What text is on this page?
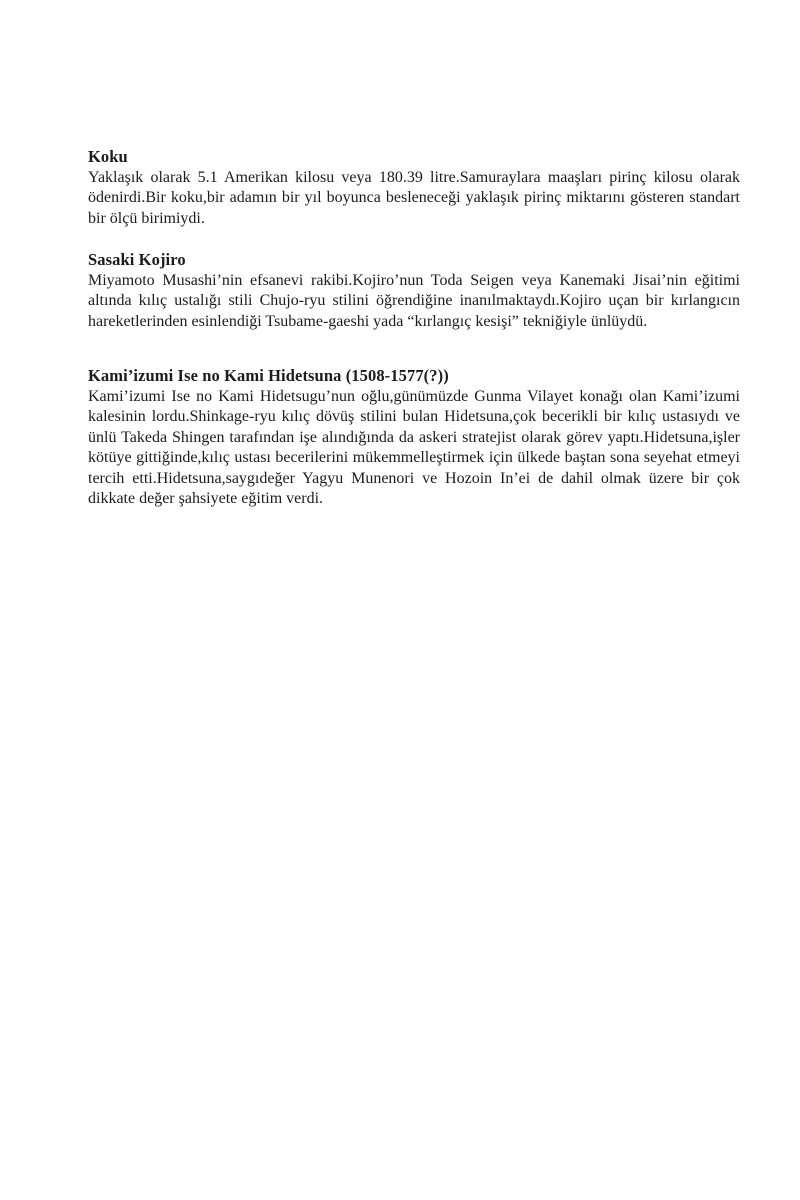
Koku

Yaklaşık olarak 5.1 Amerikan kilosu veya 180.39 litre.Samuraylara maaşları pirinç kilosu olarak ödenirdi.Bir koku,bir adamın bir yıl boyunca besleneceği yaklaşık pirinç miktarını gösteren standart bir ölçü birimiydi.

Sasaki Kojiro

Miyamoto Musashi’nin efsanevi rakibi.Kojiro’nun Toda Seigen veya Kanemaki Jisai’nin eğitimi altında kılıç ustalığı stili Chujo-ryu stilini öğrendiğine inanılmaktaydı.Kojiro uçan bir kırlangıcın hareketlerinden esinlendiği Tsubame-gaeshi yada “kırlangıç kesişi” tekniğiyle ünlüydü.

Kami’izumi Ise no Kami Hidetsuna (1508-1577(?))

Kami’izumi Ise no Kami Hidetsugu’nun oğlu,günümüzde Gunma Vilayet konağı olan Kami’izumi kalesinin lordu.Shinkage-ryu kılıç dövüş stilini bulan Hidetsuna,çok becerikli bir kılıç ustasıydı ve ünlü Takeda Shingen tarafından işe alındığında da askeri stratejist olarak görev yaptı.Hidetsuna,işler kötüye gittiğinde,kılıç ustası becerilerini mükemmelleştirmek için ülkede baştan sona seyehat etmeyi tercih etti.Hidetsuna,saygıdeğer Yagyu Munenori ve Hozoin In’ei de dahil olmak üzere bir çok dikkate değer şahsiyete eğitim verdi.
